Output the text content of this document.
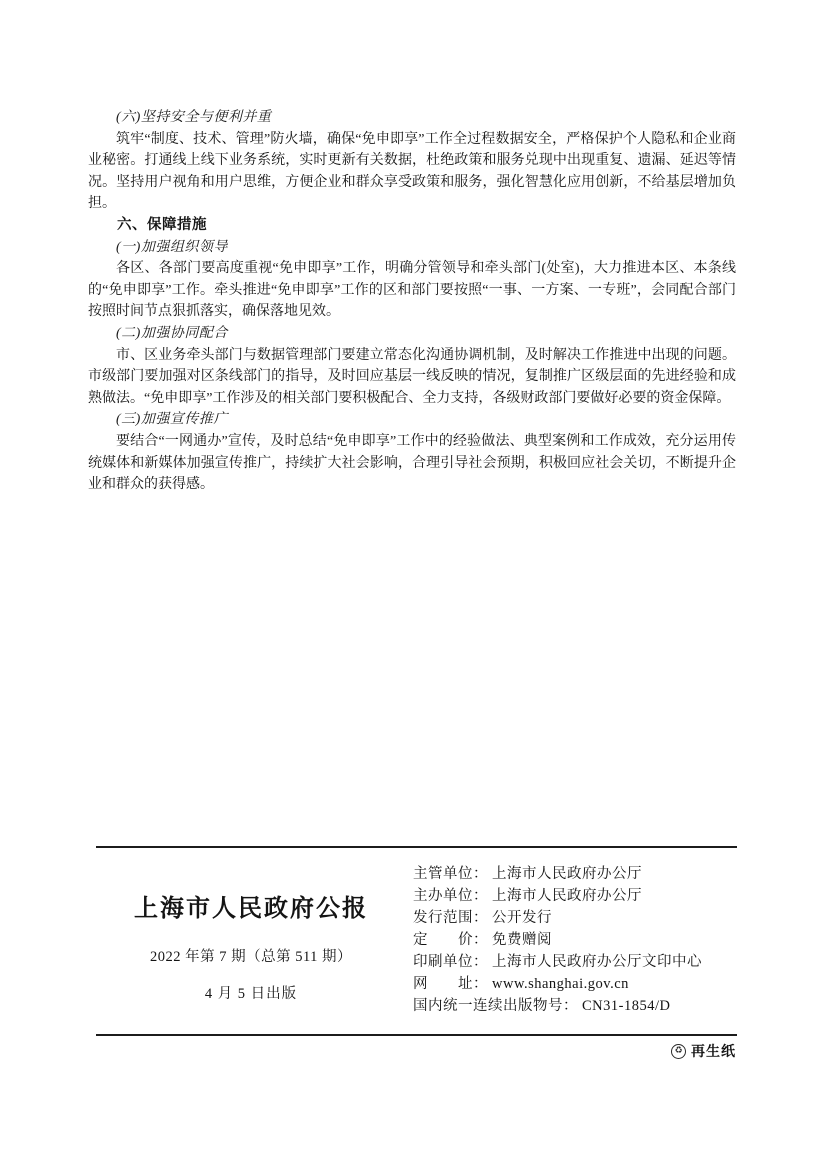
(六)坚持安全与便利并重

筑牢“制度、技术、管理”防火墙，确保“免申即享”工作全过程数据安全，严格保护个人隐私和企业商业秘密。打通线上线下业务系统，实时更新有关数据，杜绝政策和服务兑现中出现重复、遗漏、延迟等情况。坚持用户视角和用户思维，方便企业和群众享受政策和服务，强化智慧化应用创新，不给基层增加负担。

六、保障措施

(一)加强组织领导

各区、各部门要高度重视“免申即享”工作，明确分管领导和牵头部门(处室)，大力推进本区、本条线的“免申即享”工作。牵头推进“免申即享”工作的区和部门要按照“一事、一方案、一专班”，会同配合部门按照时间节点狠抓落实，确保落地见效。

(二)加强协同配合

市、区业务牵头部门与数据管理部门要建立常态化沟通协调机制，及时解决工作推进中出现的问题。市级部门要加强对区条线部门的指导，及时回应基层一线反映的情况，复制推广区级层面的先进经验和成熟做法。“免申即享”工作涉及的相关部门要积极配合、全力支持，各级财政部门要做好必要的资金保障。

(三)加强宣传推广

要结合“一网通办”宣传，及时总结“免申即享”工作中的经验做法、典型案例和工作成效，充分运用传统媒体和新媒体加强宣传推广，持续扩大社会影响，合理引导社会预期，积极回应社会关切，不断提升企业和群众的获得感。

上海市人民政府公报

2022 年第 7 期（总第 511 期）

4 月 5 日出版

主管单位： 上海市人民政府办公厅
主办单位： 上海市人民政府办公厅
发行范围： 公开发行
定　　价： 免费赠阅
印刷单位： 上海市人民政府办公厅文印中心
网　　址： www.shanghai.gov.cn
国内统一连续出版物号： CN31-1854/D
♻ 再生纸
